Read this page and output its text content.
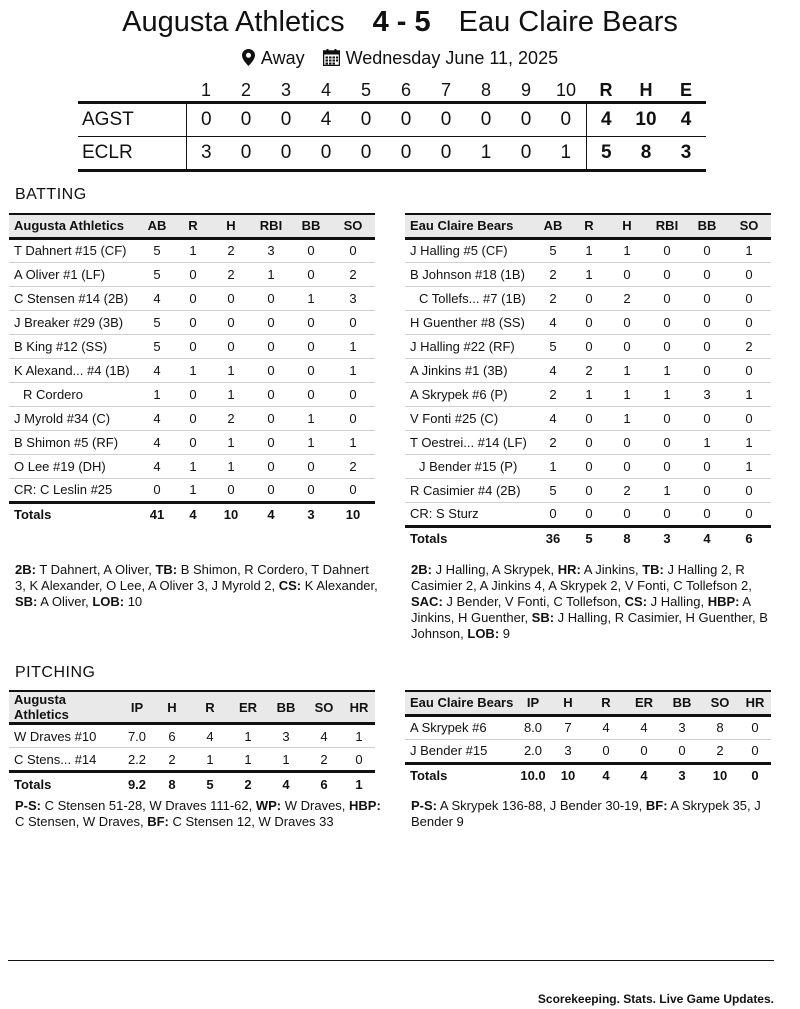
Augusta Athletics 4 - 5 Eau Claire Bears
Away Wednesday June 11, 2025
	1	2	3	4	5	6	7	8	9	10	R	H	E
AGST	0	0	0	4	0	0	0	0	0	0	4	10	4
ECLR	3	0	0	0	0	0	0	1	0	1	5	8	3
BATTING
Augusta Athletics	AB	R	H	RBI	BB	SO
T Dahnert #15 (CF)	5	1	2	3	0	0
A Oliver #1 (LF)	5	0	2	1	0	2
C Stensen #14 (2B)	4	0	0	0	1	3
J Breaker #29 (3B)	5	0	0	0	0	0
B King #12 (SS)	5	0	0	0	0	1
K Alexand... #4 (1B)	4	1	1	0	0	1
R Cordero	1	0	1	0	0	0
J Myrold #34 (C)	4	0	2	0	1	0
B Shimon #5 (RF)	4	0	1	0	1	1
O Lee #19 (DH)	4	1	1	0	0	2
CR: C Leslin #25	0	1	0	0	0	0
Totals	41	4	10	4	3	10
Eau Claire Bears	AB	R	H	RBI	BB	SO
J Halling #5 (CF)	5	1	1	0	0	1
B Johnson #18 (1B)	2	1	0	0	0	0
C Tollefs... #7 (1B)	2	0	2	0	0	0
H Guenther #8 (SS)	4	0	0	0	0	0
J Halling #22 (RF)	5	0	0	0	0	2
A Jinkins #1 (3B)	4	2	1	1	0	0
A Skrypek #6 (P)	2	1	1	1	3	1
V Fonti #25 (C)	4	0	1	0	0	0
T Oestrei... #14 (LF)	2	0	0	0	1	1
J Bender #15 (P)	1	0	0	0	0	1
R Casimier #4 (2B)	5	0	2	1	0	0
CR: S Sturz	0	0	0	0	0	0
Totals	36	5	8	3	4	6
2B: T Dahnert, A Oliver, TB: B Shimon, R Cordero, T Dahnert 3, K Alexander, O Lee, A Oliver 3, J Myrold 2, CS: K Alexander, SB: A Oliver, LOB: 10
2B: J Halling, A Skrypek, HR: A Jinkins, TB: J Halling 2, R Casimier 2, A Jinkins 4, A Skrypek 2, V Fonti, C Tollefson 2, SAC: J Bender, V Fonti, C Tollefson, CS: J Halling, HBP: A Jinkins, H Guenther, SB: J Halling, R Casimier, H Guenther, B Johnson, LOB: 9
PITCHING
Augusta Athletics	IP	H	R	ER	BB	SO	HR
W Draves #10	7.0	6	4	1	3	4	1
C Stens... #14	2.2	2	1	1	1	2	0
Totals	9.2	8	5	2	4	6	1
Eau Claire Bears	IP	H	R	ER	BB	SO	HR
A Skrypek #6	8.0	7	4	4	3	8	0
J Bender #15	2.0	3	0	0	0	2	0
Totals	10.0	10	4	4	3	10	0
P-S: C Stensen 51-28, W Draves 111-62, WP: W Draves, HBP: C Stensen, W Draves, BF: C Stensen 12, W Draves 33
P-S: A Skrypek 136-88, J Bender 30-19, BF: A Skrypek 35, J Bender 9
Scorekeeping. Stats. Live Game Updates.
